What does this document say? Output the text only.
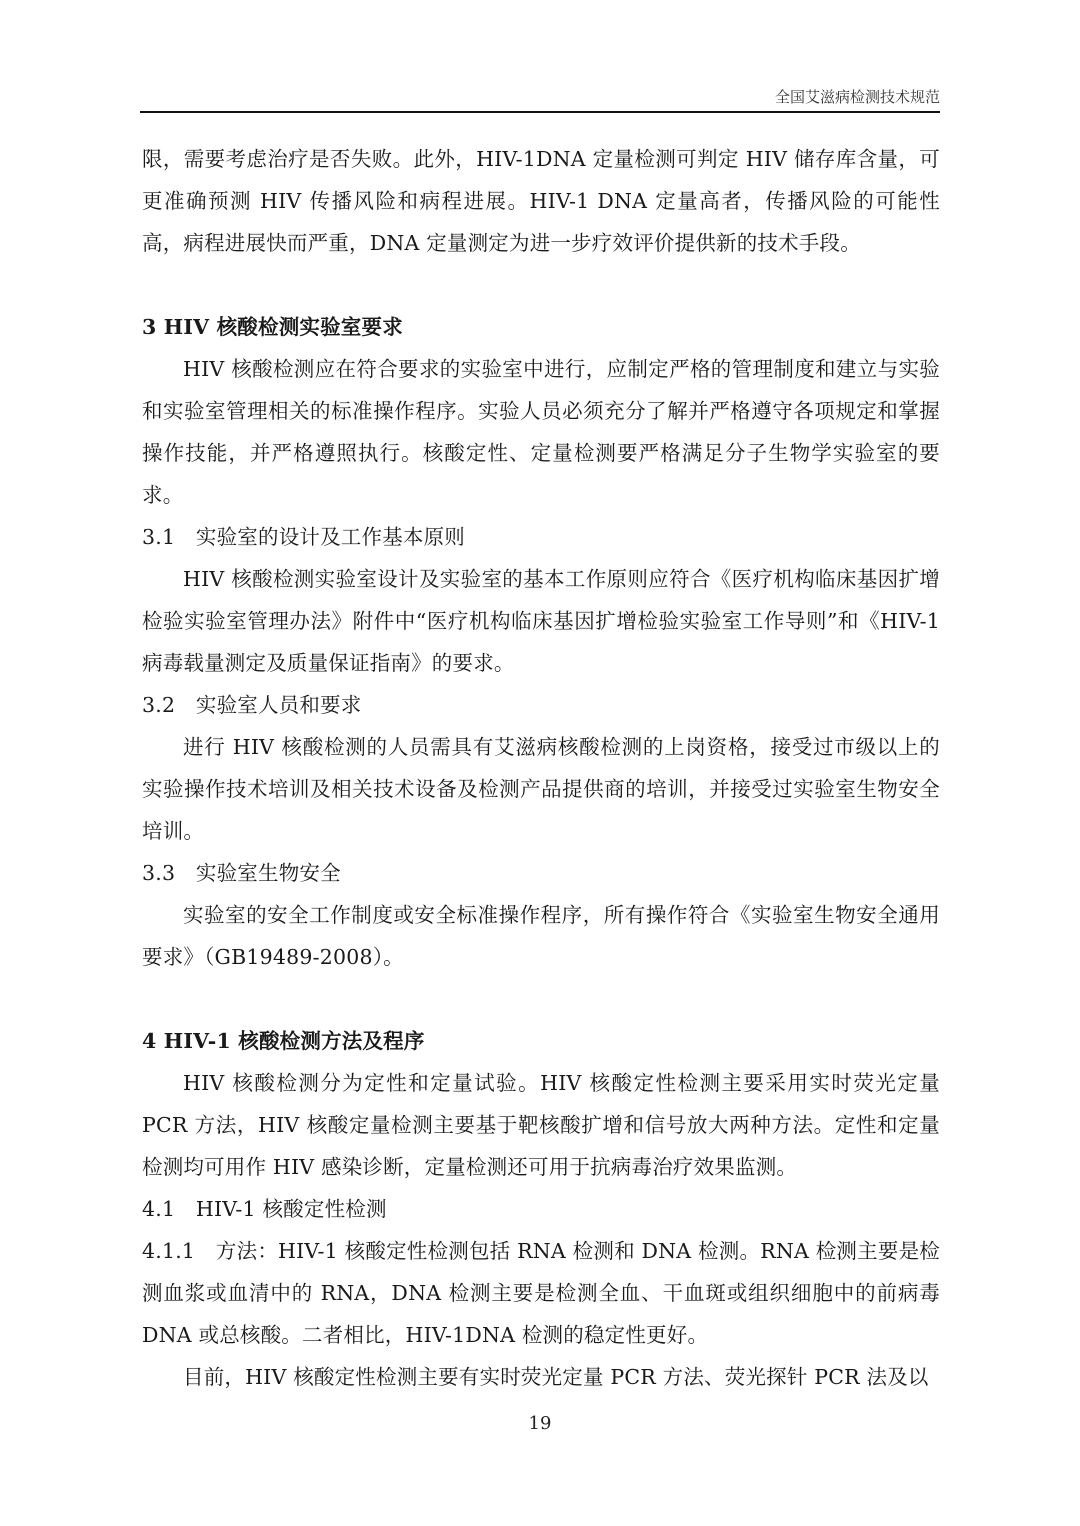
全国艾滋病检测技术规范

限，需要考虑治疗是否失败。此外，HIV-1DNA 定量检测可判定 HIV 储存库含量，可更准确预测 HIV 传播风险和病程进展。HIV-1 DNA 定量高者，传播风险的可能性高，病程进展快而严重，DNA 定量测定为进一步疗效评价提供新的技术手段。

3 HIV 核酸检测实验室要求

HIV 核酸检测应在符合要求的实验室中进行，应制定严格的管理制度和建立与实验和实验室管理相关的标准操作程序。实验人员必须充分了解并严格遵守各项规定和掌握操作技能，并严格遵照执行。核酸定性、定量检测要严格满足分子生物学实验室的要求。

3.1　实验室的设计及工作基本原则

HIV 核酸检测实验室设计及实验室的基本工作原则应符合《医疗机构临床基因扩增检验实验室管理办法》附件中“医疗机构临床基因扩增检验实验室工作导则”和《HIV-1 病毒载量测定及质量保证指南》的要求。

3.2　实验室人员和要求

进行 HIV 核酸检测的人员需具有艾滋病核酸检测的上岗资格，接受过市级以上的实验操作技术培训及相关技术设备及检测产品提供商的培训，并接受过实验室生物安全培训。

3.3　实验室生物安全

实验室的安全工作制度或安全标准操作程序，所有操作符合《实验室生物安全通用要求》（GB19489-2008）。

4 HIV-1 核酸检测方法及程序

HIV 核酸检测分为定性和定量试验。HIV 核酸定性检测主要采用实时荧光定量 PCR 方法，HIV 核酸定量检测主要基于靶核酸扩增和信号放大两种方法。定性和定量检测均可用作 HIV 感染诊断，定量检测还可用于抗病毒治疗效果监测。

4.1　HIV-1 核酸定性检测

4.1.1　方法：HIV-1 核酸定性检测包括 RNA 检测和 DNA 检测。RNA 检测主要是检测血浆或血清中的 RNA，DNA 检测主要是检测全血、干血斑或组织细胞中的前病毒 DNA 或总核酸。二者相比，HIV-1DNA 检测的稳定性更好。

目前，HIV 核酸定性检测主要有实时荧光定量 PCR 方法、荧光探针 PCR 法及以

19
